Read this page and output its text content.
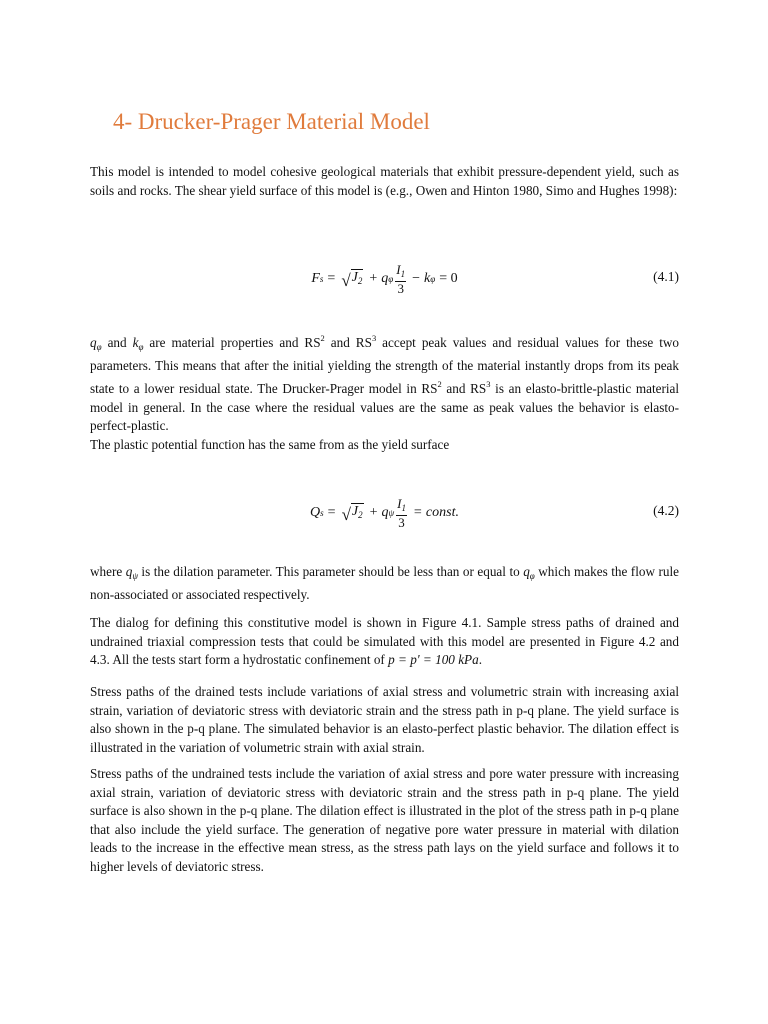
4- Drucker-Prager Material Model

This model is intended to model cohesive geological materials that exhibit pressure-dependent yield, such as soils and rocks. The shear yield surface of this model is (e.g., Owen and Hinton 1980, Simo and Hughes 1998):

F s = √ $J_2 + q$ φ $\frac{I_1}{3} - k$ φ = 0	(4.1)

$q_\varphi$ and $k_\varphi$ are material properties and $RS^2$ and $RS^3$ accept peak values and residual values for these two parameters. This means that after the initial yielding the strength of the material instantly drops from its peak state to a lower residual state. The Drucker-Prager model in $RS^2$ and $RS^3$ is an elasto-brittle-plastic material model in general. In the case where the residual values are the same as peak values the behavior is elasto-perfect-plastic.

The plastic potential function has the same from as the yield surface

Q s = √ $J_2 + q$ ψ $\frac{I_1}{3}$ = const.	(4.2)

where $q_\psi$ is the dilation parameter. This parameter should be less than or equal to $q_\varphi$ which makes the flow rule non-associated or associated respectively.

The dialog for defining this constitutive model is shown in Figure 4.1. Sample stress paths of drained and undrained triaxial compression tests that could be simulated with this model are presented in Figure 4.2 and 4.3. All the tests start form a hydrostatic confinement of p = p' = 100 kPa.

Stress paths of the drained tests include variations of axial stress and volumetric strain with increasing axial strain, variation of deviatoric stress with deviatoric strain and the stress path in p-q plane. The yield surface is also shown in the p-q plane. The simulated behavior is an elasto-perfect plastic behavior. The dilation effect is illustrated in the variation of volumetric strain with axial strain.

Stress paths of the undrained tests include the variation of axial stress and pore water pressure with increasing axial strain, variation of deviatoric stress with deviatoric strain and the stress path in p-q plane. The yield surface is also shown in the p-q plane. The dilation effect is illustrated in the plot of the stress path in p-q plane that also include the yield surface. The generation of negative pore water pressure in material with dilation leads to the increase in the effective mean stress, as the stress path lays on the yield surface and follows it to higher levels of deviatoric stress.
